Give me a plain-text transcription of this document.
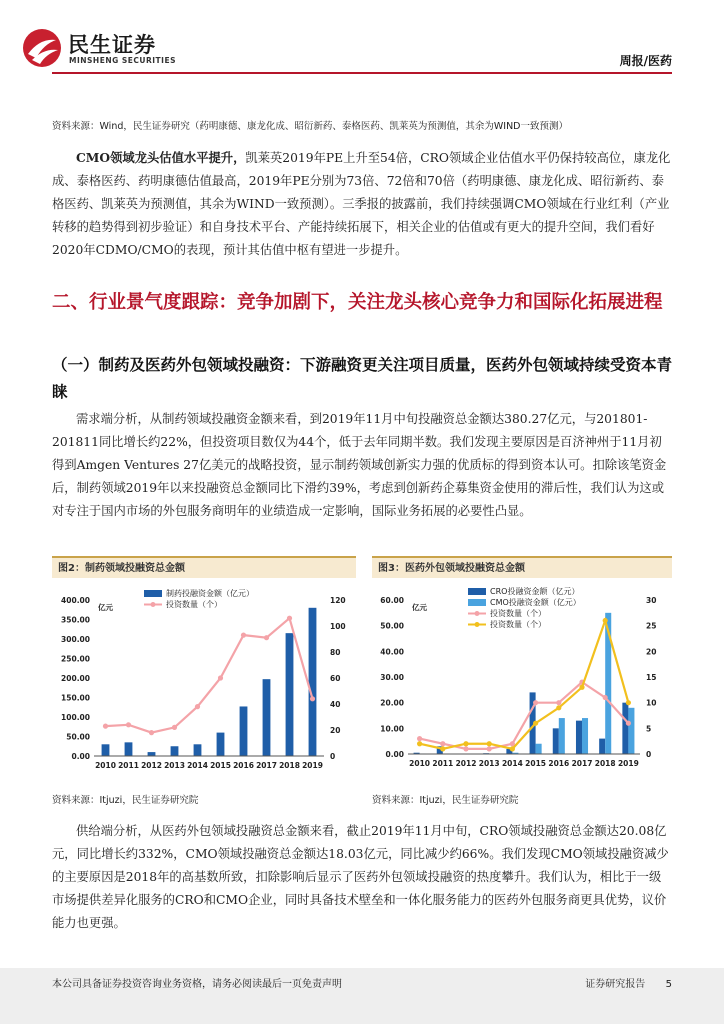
民生证券
MINSHENG SECURITIES	周报/医药
资料来源：Wind，民生证券研究（药明康德、康龙化成、昭衍新药、泰格医药、凯莱英为预测值，其余为WIND一致预测）
CMO领域龙头估值水平提升，凯莱英2019年PE上升至54倍，CRO领域企业估值水平仍保持较高位，康龙化成、泰格医药、药明康德估值最高，2019年PE分别为73倍、72倍和70倍（药明康德、康龙化成、昭衍新药、泰格医药、凯莱英为预测值，其余为WIND一致预测）。三季报的披露前，我们持续强调CMO领域在行业红利（产业转移的趋势得到初步验证）和自身技术平台、产能持续拓展下，相关企业的估值或有更大的提升空间，我们看好2020年CDMO/CMO的表现，预计其估值中枢有望进一步提升。
二、行业景气度跟踪：竞争加剧下，关注龙头核心竞争力和国际化拓展进程
（一）制药及医药外包领域投融资：下游融资更关注项目质量，医药外包领域持续受资本青睐
需求端分析，从制药领域投融资金额来看，到2019年11月中旬投融资总金额达380.27亿元，与201801-201811同比增长约22%，但投资项目数仅为44个，低于去年同期半数。我们发现主要原因是百济神州于11月初得到Amgen Ventures 27亿美元的战略投资，显示制药领域创新实力强的优质标的得到资本认可。扣除该笔资金后，制药领域2019年以来投融资总金额同比下滑约39%，考虑到创新药企募集资金使用的滞后性，我们认为这或对专注于国内市场的外包服务商明年的业绩造成一定影响，国际业务拓展的必要性凸显。
图2：制药领域投融资总金额	图3：医药外包领域投融资总金额
0.00
50.00
100.00
150.00
200.00
250.00
300.00
350.00
400.00
0
20
40
60
80
100
120
亿元
2010 2011 2012 2013 2014 2015 2016 2017 2018 2019
制药投融资金额（亿元）
投资数量（个）
0.00
10.00
20.00
30.00
40.00
50.00
60.00
0
5
10
15
20
25
30
亿元
2010 2011 2012 2013 2014 2015 2016 2017 2018 2019
CRO投融资金额（亿元）
CMO投融资金额（亿元）
投资数量（个）
投资数量（个）
资料来源：Itjuzi，民生证券研究院	资料来源：Itjuzi，民生证券研究院
供给端分析，从医药外包领域投融资总金额来看，截止2019年11月中旬，CRO领域投融资总金额达20.08亿元，同比增长约332%，CMO领域投融资总金额达18.03亿元，同比减少约66%。我们发现CMO领域投融资减少的主要原因是2018年的高基数所致，扣除影响后显示了医药外包领域投融资的热度攀升。我们认为，相比于一级市场提供差异化服务的CRO和CMO企业，同时具备技术壁垒和一体化服务能力的医药外包服务商更具优势，议价能力也更强。
本公司具备证券投资咨询业务资格，请务必阅读最后一页免责声明	证券研究报告 5
